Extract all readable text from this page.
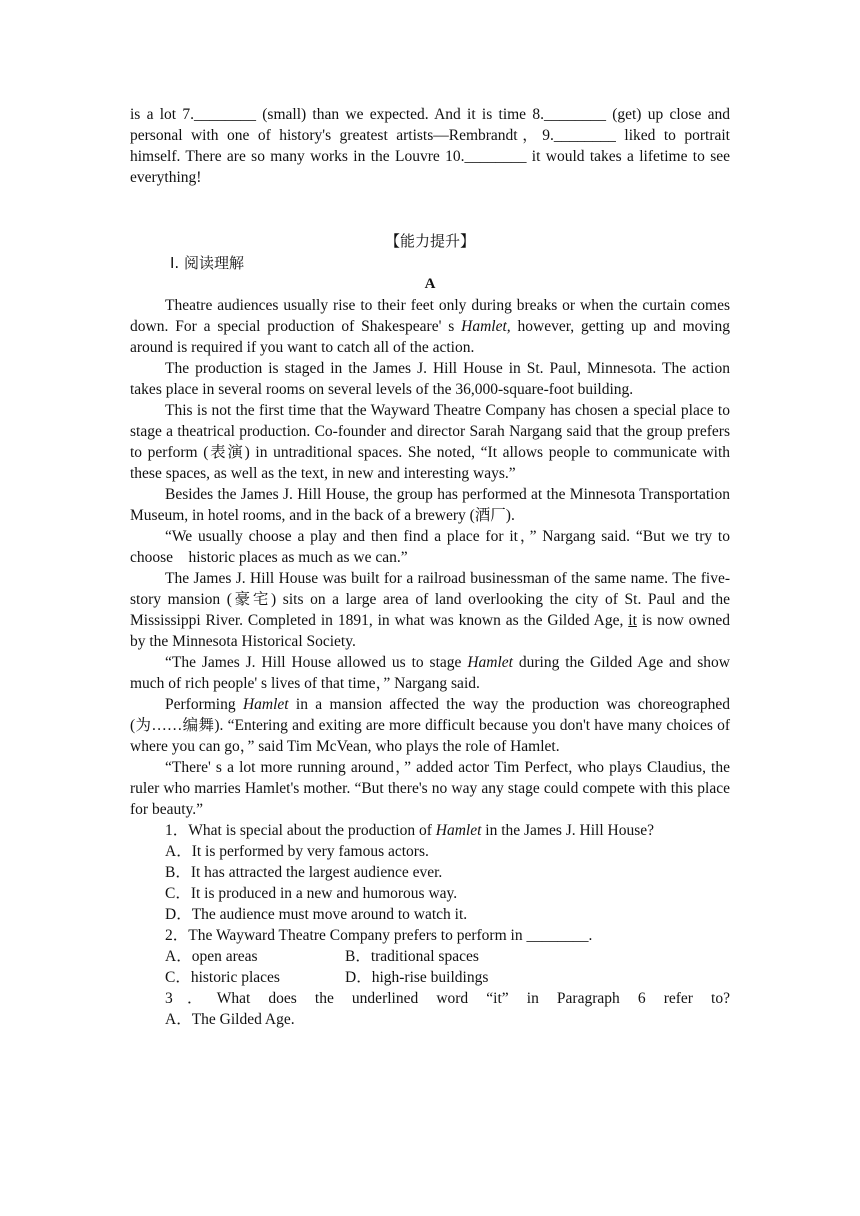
is a lot 7.________ (small) than we expected. And it is time 8.________ (get) up close and personal with one of history's greatest artists—Rembrandt，9.________ liked to portrait himself. There are so many works in the Louvre 10.________ it would takes a lifetime to see everything!

【能力提升】

Ⅰ. 阅读理解

A

Theatre audiences usually rise to their feet only during breaks or when the curtain comes down. For a special production of Shakespeare' s Hamlet, however, getting up and moving around is required if you want to catch all of the action.

The production is staged in the James J. Hill House in St. Paul, Minnesota. The action takes place in several rooms on several levels of the 36,000-square-foot building.

This is not the first time that the Wayward Theatre Company has chosen a special place to stage a theatrical production. Co-founder and director Sarah Nargang said that the group prefers to perform (表演) in untraditional spaces. She noted, “It allows people to communicate with these spaces, as well as the text, in new and interesting ways.”

Besides the James J. Hill House, the group has performed at the Minnesota Transportation Museum, in hotel rooms, and in the back of a brewery (酒厂).

“We usually choose a play and then find a place for it，” Nargang said. “But we try to choose　historic places as much as we can.”

The James J. Hill House was built for a railroad businessman of the same name. The five-story mansion (豪宅) sits on a large area of land overlooking the city of St. Paul and the Mississippi River. Completed in 1891, in what was known as the Gilded Age, it is now owned by the Minnesota Historical Society.

“The James J. Hill House allowed us to stage Hamlet during the Gilded Age and show much of rich people' s lives of that time，” Nargang said.

Performing Hamlet in a mansion affected the way the production was choreographed (为……编舞). “Entering and exiting are more difficult because you don't have many choices of where you can go，” said Tim McVean, who plays the role of Hamlet.

“There' s a lot more running around，” added actor Tim Perfect, who plays Claudius, the ruler who marries Hamlet's mother. “But there's no way any stage could compete with this place for beauty.”

1．What is special about the production of Hamlet in the James J. Hill House?

A．It is performed by very famous actors.

B．It has attracted the largest audience ever.

C．It is produced in a new and humorous way.

D．The audience must move around to watch it.

2．The Wayward Theatre Company prefers to perform in ________.

A．open areas	B．traditional spaces
C．historic places	D．high-rise buildings

3．What does the underlined word “it” in Paragraph 6 refer to?

A．The Gilded Age.
